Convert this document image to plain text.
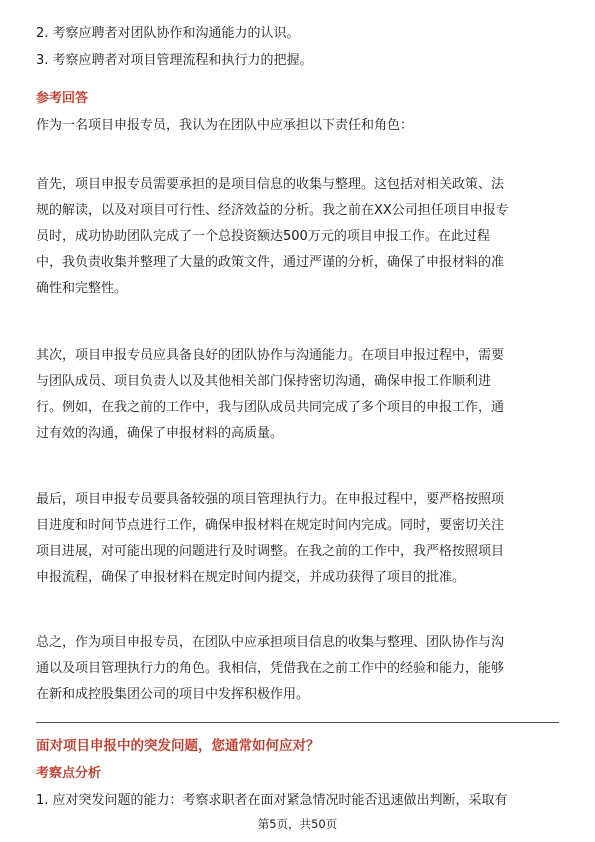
2. 考察应聘者对团队协作和沟通能力的认识。
3. 考察应聘者对项目管理流程和执行力的把握。
参考回答
作为一名项目申报专员，我认为在团队中应承担以下责任和角色：
首先，项目申报专员需要承担的是项目信息的收集与整理。这包括对相关政策、法
规的解读，以及对项目可行性、经济效益的分析。我之前在XX公司担任项目申报专
员时，成功协助团队完成了一个总投资额达500万元的项目申报工作。在此过程
中，我负责收集并整理了大量的政策文件，通过严谨的分析，确保了申报材料的准
确性和完整性。
其次，项目申报专员应具备良好的团队协作与沟通能力。在项目申报过程中，需要
与团队成员、项目负责人以及其他相关部门保持密切沟通，确保申报工作顺利进
行。例如，在我之前的工作中，我与团队成员共同完成了多个项目的申报工作，通
过有效的沟通，确保了申报材料的高质量。
最后，项目申报专员要具备较强的项目管理执行力。在申报过程中，要严格按照项
目进度和时间节点进行工作，确保申报材料在规定时间内完成。同时，要密切关注
项目进展，对可能出现的问题进行及时调整。在我之前的工作中，我严格按照项目
申报流程，确保了申报材料在规定时间内提交，并成功获得了项目的批准。
总之，作为项目申报专员，在团队中应承担项目信息的收集与整理、团队协作与沟
通以及项目管理执行力的角色。我相信，凭借我在之前工作中的经验和能力，能够
在新和成控股集团公司的项目中发挥积极作用。
面对项目申报中的突发问题，您通常如何应对？
考察点分析
1. 应对突发问题的能力：考察求职者在面对紧急情况时能否迅速做出判断，采取有
第5页，共50页
